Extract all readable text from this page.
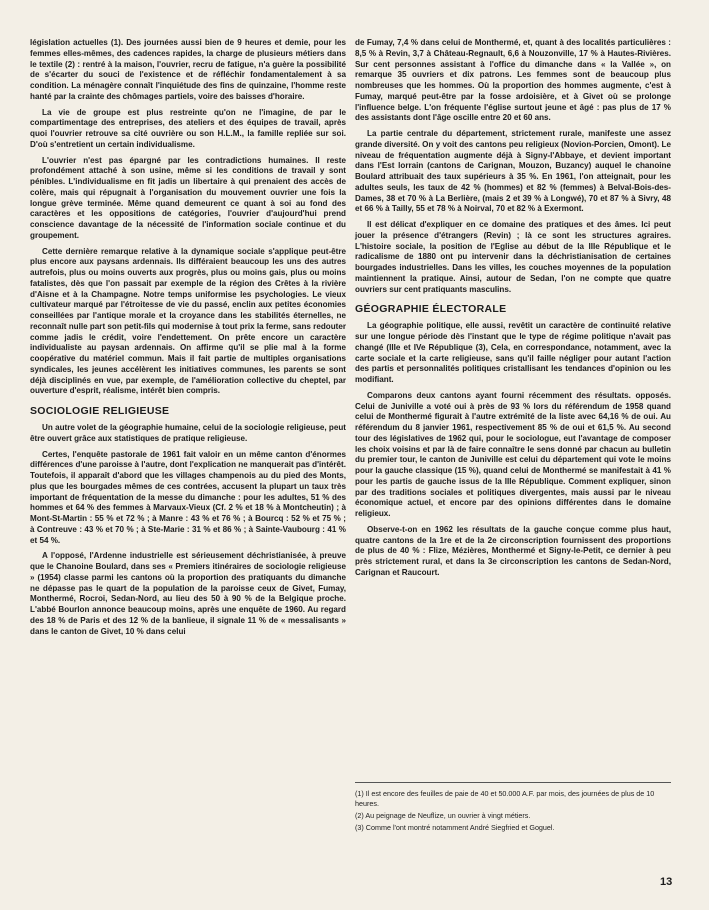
législation actuelles (1). Des journées aussi bien de 9 heures et demie, pour les femmes elles-mêmes, des cadences rapides, la charge de plusieurs métiers dans le textile (2) : rentré à la maison, l'ouvrier, recru de fatigue, n'a guère la possibilité de s'écarter du souci de l'existence et de réfléchir fondamentalement à sa condition. La ménagère connaît l'inquiétude des fins de quinzaine, l'homme reste hanté par la crainte des chômages partiels, voire des baisses d'horaire.

La vie de groupe est plus restreinte qu'on ne l'imagine, de par le compartimentage des entreprises, des ateliers et des équipes de travail, après quoi l'ouvrier retrouve sa cité ouvrière ou son H.L.M., la famille repliée sur soi. D'où s'entretient un certain individualisme.

L'ouvrier n'est pas épargné par les contradictions humaines. Il reste profondément attaché à son usine, même si les conditions de travail y sont pénibles. L'individualisme en fit jadis un libertaire à qui prenaient des accès de colère, mais qui répugnait à l'organisation du mouvement ouvrier une fois la longue grève terminée. Même quand demeurent ce quant à soi au fond des caractères et les oppositions de catégories, l'ouvrier d'aujourd'hui prend conscience davantage de la nécessité de l'information sociale continue et du groupement.

Cette dernière remarque relative à la dynamique sociale s'applique peut-être plus encore aux paysans ardennais. Ils différaient beaucoup les uns des autres autrefois, plus ou moins ouverts aux progrès, plus ou moins gais, plus ou moins fatalistes, dès que l'on passait par exemple de la région des Crêtes à la rivière d'Aisne et à la Champagne. Notre temps uniformise les psychologies. Le vieux cultivateur marqué par l'étroitesse de vie du passé, enclin aux petites économies conseillées par l'antique morale et la croyance dans les stabilités éternelles, ne reconnaît nulle part son petit-fils qui modernise à tout prix la ferme, sans redouter comme jadis le crédit, voire l'endettement. On prête encore un caractère individualiste au paysan ardennais. On affirme qu'il se plie mal à la forme coopérative du matériel commun. Mais il fait partie de multiples organisations syndicales, les jeunes accélèrent les initiatives communes, les parents se sont déjà disciplinés en vue, par exemple, de l'amélioration collective du cheptel, par ouverture d'esprit, réalisme, intérêt bien compris.

SOCIOLOGIE RELIGIEUSE

Un autre volet de la géographie humaine, celui de la sociologie religieuse, peut être ouvert grâce aux statistiques de pratique religieuse.

Certes, l'enquête pastorale de 1961 fait valoir en un même canton d'énormes différences d'une paroisse à l'autre, dont l'explication ne manquerait pas d'intérêt. Toutefois, il apparaît d'abord que les villages champenois au du pied des Monts, plus que les bourgades mêmes de ces contrées, accusent la plupart un taux très important de fréquentation de la messe du dimanche : pour les adultes, 51 % des hommes et 64 % des femmes à Marvaux-Vieux (Cf. 2 % et 18 % à Montcheutin) ; à Mont-St-Martin : 55 % et 72 % ; à Manre : 43 % et 76 % ; à Bourcq : 52 % et 75 % ; à Contreuve : 43 % et 70 % ; à Ste-Marie : 31 % et 86 % ; à Sainte-Vaubourg : 41 % et 54 %.

A l'opposé, l'Ardenne industrielle est sérieusement déchristianisée, à preuve que le Chanoine Boulard, dans ses « Premiers itinéraires de sociologie religieuse » (1954) classe parmi les cantons où la proportion des pratiquants du dimanche ne dépasse pas le quart de la population de la paroisse ceux de Givet, Fumay, Monthermé, Rocroi, Sedan-Nord, au lieu des 50 à 90 % de la Belgique proche. L'abbé Bourlon annonce beaucoup moins, après une enquête de 1960. Au regard des 18 % de Paris et des 12 % de la banlieue, il signale 11 % de « messalisants » dans le canton de Givet, 10 % dans celui

de Fumay, 7,4 % dans celui de Monthermé, et, quant à des localités particulières : 8,5 % à Revin, 3,7 à Château-Regnault, 6,6 à Nouzonville, 17 % à Hautes-Rivières. Sur cent personnes assistant à l'office du dimanche dans « la Vallée », on remarque 35 ouvriers et dix patrons. Les femmes sont de beaucoup plus nombreuses que les hommes. Où la proportion des hommes augmente, c'est à Fumay, marqué peut-être par la fosse ardoisière, et à Givet où se prolonge l'influence belge. L'on fréquente l'église surtout jeune et âgé : pas plus de 17 % des assistants dont l'âge oscille entre 20 et 60 ans.

La partie centrale du département, strictement rurale, manifeste une assez grande diversité. On y voit des cantons peu religieux (Novion-Porcien, Omont). Le niveau de fréquentation augmente déjà à Signy-l'Abbaye, et devient important dans l'Est lorrain (cantons de Carignan, Mouzon, Buzancy) auquel le chanoine Boulard attribuait des taux supérieurs à 35 %. En 1961, l'on atteignait, pour les adultes seuls, les taux de 42 % (hommes) et 82 % (femmes) à Belval-Bois-des-Dames, 38 et 70 % à La Berlière, (mais 2 et 39 % à Longwé), 70 et 87 % à Sivry, 48 et 66 % à Tailly, 55 et 78 % à Noirval, 70 et 82 % à Exermont.

Il est délicat d'expliquer en ce domaine des pratiques et des âmes. Ici peut jouer la présence d'étrangers (Revin) ; là ce sont les structures agraires. L'histoire sociale, la position de l'Eglise au début de la IIIe République et le radicalisme de 1880 ont pu intervenir dans la déchristianisation de certaines bourgades industrielles. Dans les villes, les couches moyennes de la population maintiennent la pratique. Ainsi, autour de Sedan, l'on ne compte que quatre ouvriers sur cent pratiquants masculins.

GÉOGRAPHIE ÉLECTORALE

La géographie politique, elle aussi, revêtit un caractère de continuité relative sur une longue période dès l'instant que le type de régime politique n'avait pas changé (IIIe et IVe République (3), Cela, en correspondance, notamment, avec la carte sociale et la carte religieuse, sans qu'il faille négliger pour autant l'action des partis et personnalités politiques cristallisant les tendances d'opinion ou les modifiant.

Comparons deux cantons ayant fourni récemment des résultats. opposés. Celui de Juniville a voté oui à près de 93 % lors du référendum de 1958 quand celui de Monthermé figurait à l'autre extrémité de la liste avec 64,16 % de oui. Au référendum du 8 janvier 1961, respectivement 85 % de oui et 61,5 %. Au second tour des législatives de 1962 qui, pour le sociologue, eut l'avantage de composer les choix voisins et par là de faire connaître le sens donné par chacun au bulletin du premier tour, le canton de Juniville est celui du département qui vote le moins pour la gauche classique (15 %), quand celui de Monthermé se manifestait à 41 % pour les partis de gauche issus de la IIIe République. Comment expliquer, sinon par des traditions sociales et politiques divergentes, mais aussi par le niveau économique actuel, et encore par des opinions différentes dans le domaine religieux.

Observe-t-on en 1962 les résultats de la gauche conçue comme plus haut, quatre cantons de la 1re et de la 2e circonscription fournissent des proportions de plus de 40 % : Flize, Mézières, Monthermé et Signy-le-Petit, ce dernier à peu près strictement rural, et dans la 3e circonscription les cantons de Sedan-Nord, Carignan et Raucourt.

(1) Il est encore des feuilles de paie de 40 et 50.000 A.F. par mois, des journées de plus de 10 heures.

(2) Au peignage de Neuflize, un ouvrier à vingt métiers.

(3) Comme l'ont montré notamment André Siegfried et Goguel.

13
